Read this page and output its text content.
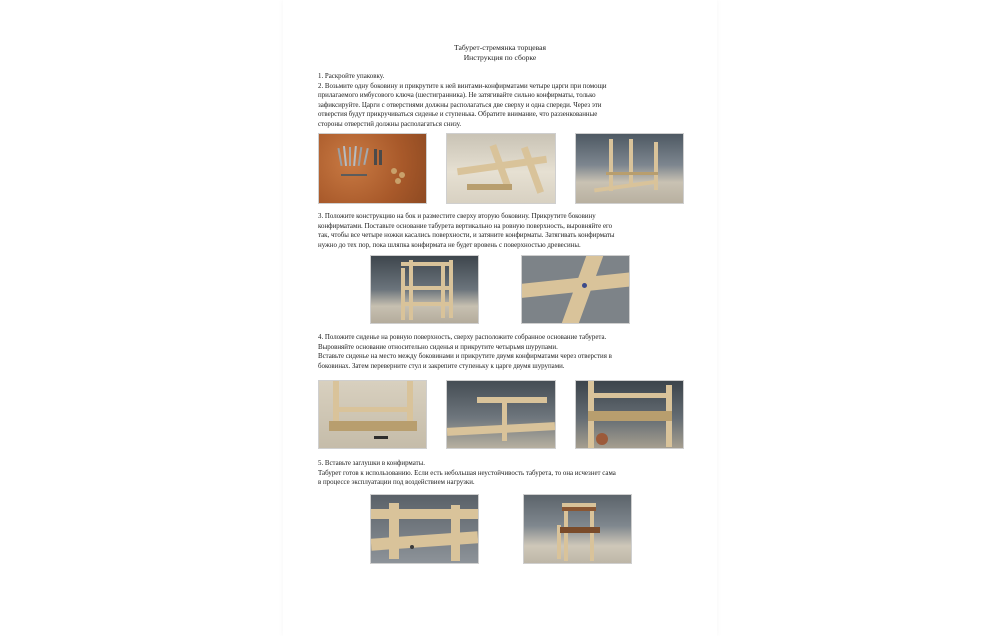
Табурет-стремянка торцевая
Инструкция по сборке
1. Раскройте упаковку.
2. Возьмите одну боковину и прикрутите к ней винтами-конфирматами четыре царги при помощи
прилагаемого имбусового ключа (шестигранника). Не затягивайте сильно конфирматы, только
зафиксируйте. Царги с отверстиями должны располагаться две сверху и одна спереди. Через эти
отверстия будут прикручиваться сиденье и ступенька. Обратите внимание, что раззенкованные
стороны отверстий должны располагаться снизу.
3. Положите конструкцию на бок и разместите сверху вторую боковину. Прикрутите боковину
конфирматами. Поставьте основание табурета вертикально на ровную поверхность, выровняйте его
так, чтобы все четыре ножки касались поверхности, и затяните конфирматы. Затягивать конфирматы
нужно до тех пор, пока шляпка конфирмата не будет вровень с поверхностью древесины.
4. Положите сиденье на ровную поверхность, сверху расположите собранное основание табурета.
Выровняйте основание относительно сиденья и прикрутите четырьмя шурупами.
Вставьте сиденье на место между боковинами и прикрутите двумя конфирматами через отверстия в
боковинах. Затем переверните стул и закрепите ступеньку к царге двумя шурупами.
5. Вставьте заглушки в конфирматы.
Табурет готов к использованию. Если есть небольшая неустойчивость табурета, то она исчезнет сама
в процессе эксплуатации под воздействием нагрузки.
